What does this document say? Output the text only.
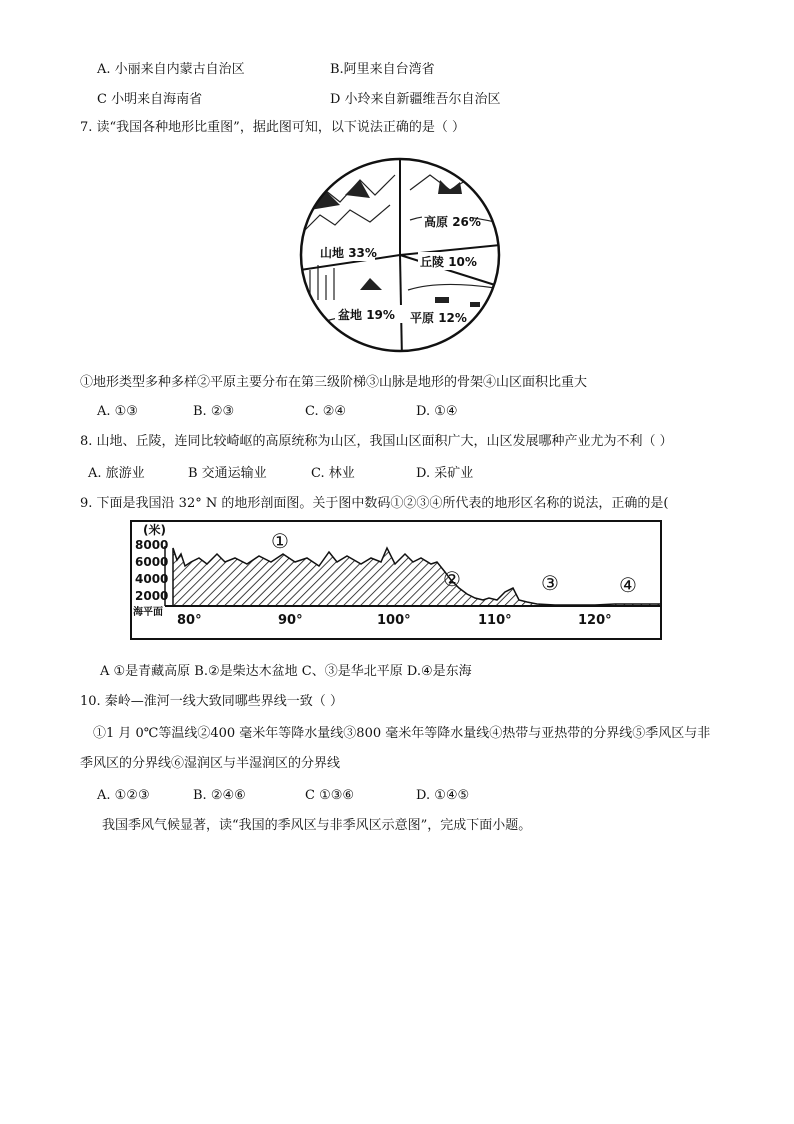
A. 小丽来自内蒙古自治区	B.阿里来自台湾省
C 小明来自海南省	D 小玲来自新疆维吾尔自治区
7. 读“我国各种地形比重图”，据此图可知，以下说法正确的是（ ）
山地 33%
高原 26%
丘陵 10%
盆地 19% 平原 12%
①地形类型多种多样②平原主要分布在第三级阶梯③山脉是地形的骨架④山区面积比重大
A. ①③	B. ②③	C. ②④	D. ①④
8. 山地、丘陵，连同比较崎岖的高原统称为山区，我国山区面积广大，山区发展哪种产业尤为不利（ ）
A. 旅游业	B 交通运输业	C. 林业	D. 采矿业
9. 下面是我国沿 32° N 的地形剖面图。关于图中数码①②③④所代表的地形区名称的说法，正确的是(
(米)
8000
6000
4000
2000
海平面
80°	90°	100°	110°	120°
①
②	③	④
A ①是青藏高原 B.②是柴达木盆地 C、③是华北平原 D.④是东海
10. 秦岭—淮河一线大致同哪些界线一致（ ）
①1 月 0℃等温线②400 毫米年等降水量线③800 毫米年等降水量线④热带与亚热带的分界线⑤季风区与非
季风区的分界线⑥湿润区与半湿润区的分界线
A. ①②③	B. ②④⑥	C ①③⑥	D. ①④⑤
我国季风气候显著，读“我国的季风区与非季风区示意图”，完成下面小题。
